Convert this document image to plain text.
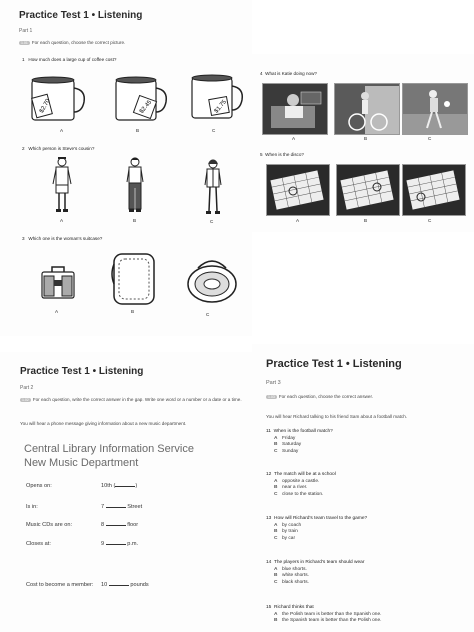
Practice Test 1 • Listening
Part 1
1.01 For each question, choose the correct picture.
1 How much does a large cup of coffee cost?
$2.70	$2.45	$1.75
A	B	C
2 Which person is Steve's cousin?
A	B	C
3 Which one is the woman's suitcase?
A	B
C
4 What is Katie doing now?
A	B	C
5 When is the disco?
A	B	C
Practice Test 1 • Listening
Part 2
1.02 For each question, write the correct answer in the gap. Write one word or a number or a date or a time.
You will hear a phone message giving information about a new music department.
Central Library Information Service
New Music Department
Opens on:	10th (	)
Is in:	7	Street
Music CDs are on:	8	floor
Closes at:	9	p.m.
Cost to become a member: 10	pounds
Practice Test 1 • Listening
Part 3
1.03 For each question, choose the correct answer.
You will hear Richard talking to his friend Sam about a football match.
11 When is the football match?
A Friday
B Saturday
C Sunday
12 The match will be at a school
A opposite a castle.
B near a river.
C close to the station.
13 How will Richard's team travel to the game?
A by coach
B by train
C by car
14 The players in Richard's team should wear
A blue shorts.
B white shorts.
C black shorts.
15 Richard thinks that
A the Polish team is better than the Spanish one.
B the Spanish team is better than the Polish one.
